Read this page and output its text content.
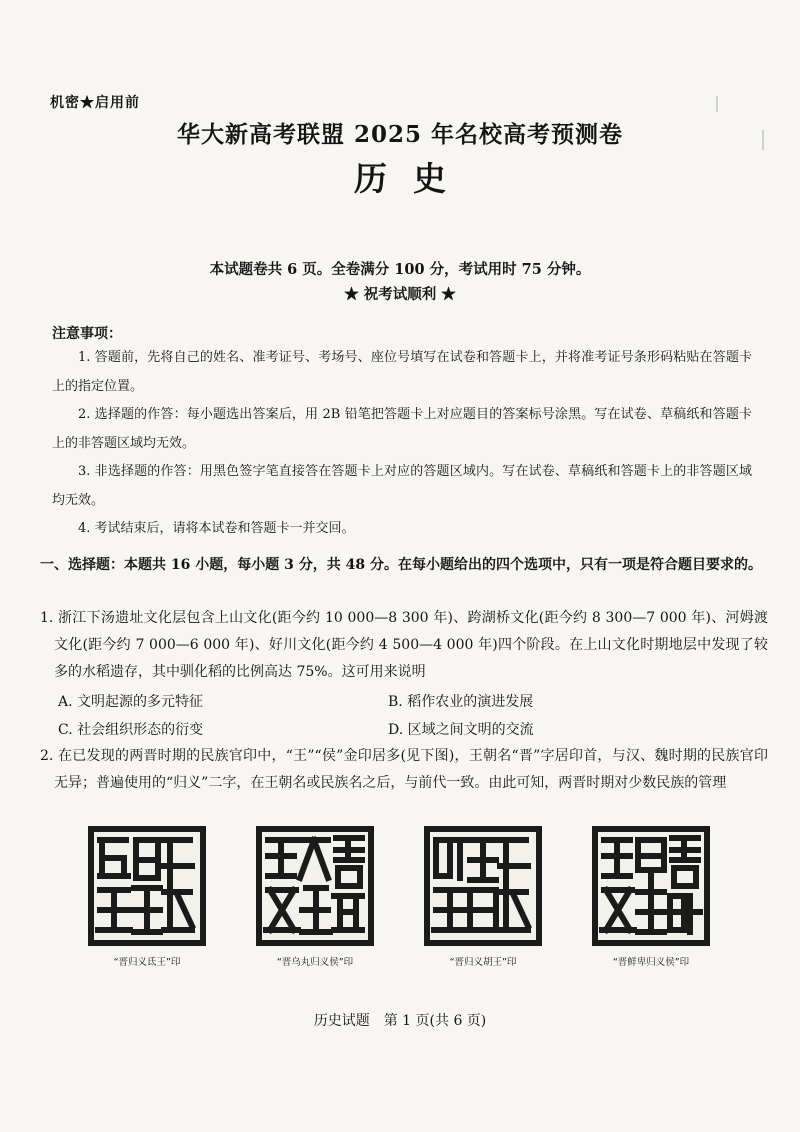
机密★启用前
华大新高考联盟 2025 年名校高考预测卷
历史
本试题卷共 6 页。全卷满分 100 分，考试用时 75 分钟。
★ 祝考试顺利 ★
注意事项：

1. 答题前，先将自己的姓名、准考证号、考场号、座位号填写在试卷和答题卡上，并将准考证号条形码粘贴在答题卡上的指定位置。

2. 选择题的作答：每小题选出答案后，用 2B 铅笔把答题卡上对应题目的答案标号涂黑。写在试卷、草稿纸和答题卡上的非答题区域均无效。

3. 非选择题的作答：用黑色签字笔直接答在答题卡上对应的答题区域内。写在试卷、草稿纸和答题卡上的非答题区域均无效。

4. 考试结束后，请将本试卷和答题卡一并交回。

一、选择题：本题共 16 小题，每小题 3 分，共 48 分。在每小题给出的四个选项中，只有一项是符合题目要求的。
1. 浙江下汤遗址文化层包含上山文化(距今约 10 000—8 300 年)、跨湖桥文化(距今约 8 300—7 000 年)、河姆渡文化(距今约 7 000—6 000 年)、好川文化(距今约 4 500—4 000 年)四个阶段。在上山文化时期地层中发现了较多的水稻遗存，其中驯化稻的比例高达 75%。这可用来说明
A. 文明起源的多元特征	B. 稻作农业的演进发展
C. 社会组织形态的衍变	D. 区域之间文明的交流
2. 在已发现的两晋时期的民族官印中，“王”“侯”金印居多(见下图)，王朝名“晋”字居印首，与汉、魏时期的民族官印无异；普遍使用的“归义”二字，在王朝名或民族名之后，与前代一致。由此可知，两晋时期对少数民族的管理
“晋归义氐王”印	“晋乌丸归义侯”印	“晋归义胡王”印	“晋鲜卑归义侯”印
历史试题　第 1 页(共 6 页)
